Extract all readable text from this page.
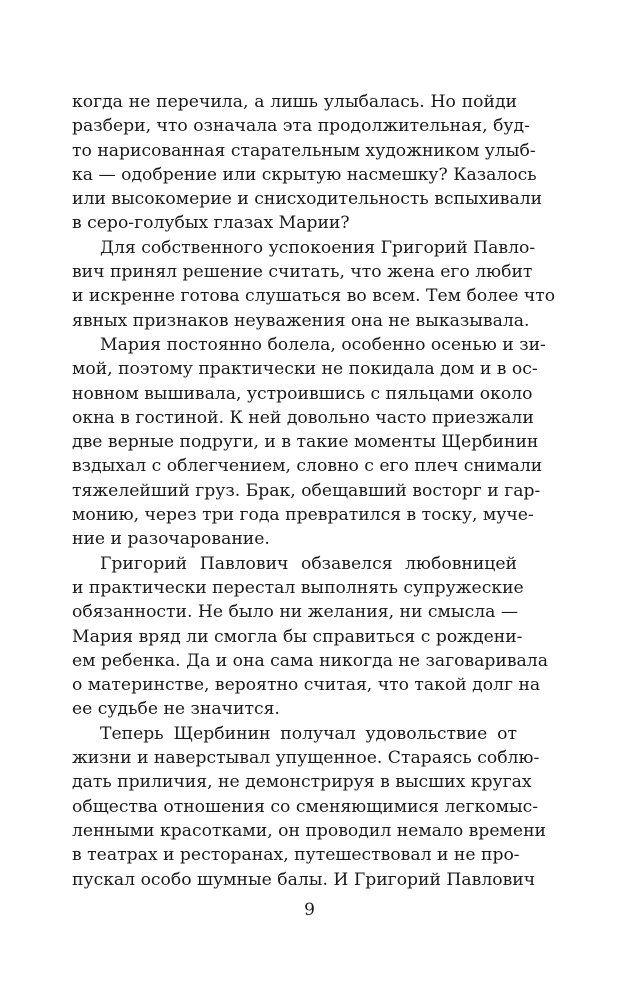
когда не перечила, а лишь улыбалась. Но пойди
разбери, что означала эта продолжительная, буд-
то нарисованная старательным художником улыб-
ка — одобрение или скрытую насмешку? Казалось
или высокомерие и снисходительность вспыхивали
в серо-голубых глазах Марии?
Для собственного успокоения Григорий Павло-
вич принял решение считать, что жена его любит
и искренне готова слушаться во всем. Тем более что
явных признаков неуважения она не выказывала.
Мария постоянно болела, особенно осенью и зи-
мой, поэтому практически не покидала дом и в ос-
новном вышивала, устроившись с пяльцами около
окна в гостиной. К ней довольно часто приезжали
две верные подруги, и в такие моменты Щербинин
вздыхал с облегчением, словно с его плеч снимали
тяжелейший груз. Брак, обещавший восторг и гар-
монию, через три года превратился в тоску, муче-
ние и разочарование.
Григорий Павлович обзавелся любовницей
и практически перестал выполнять супружеские
обязанности. Не было ни желания, ни смысла —
Мария вряд ли смогла бы справиться с рождени-
ем ребенка. Да и она сама никогда не заговаривала
о материнстве, вероятно считая, что такой долг на
ее судьбе не значится.
Теперь Щербинин получал удовольствие от
жизни и наверстывал упущенное. Стараясь соблю-
дать приличия, не демонстрируя в высших кругах
общества отношения со сменяющимися легкомыс-
ленными красотками, он проводил немало времени
в театрах и ресторанах, путешествовал и не про-
пускал особо шумные балы. И Григорий Павлович
9
